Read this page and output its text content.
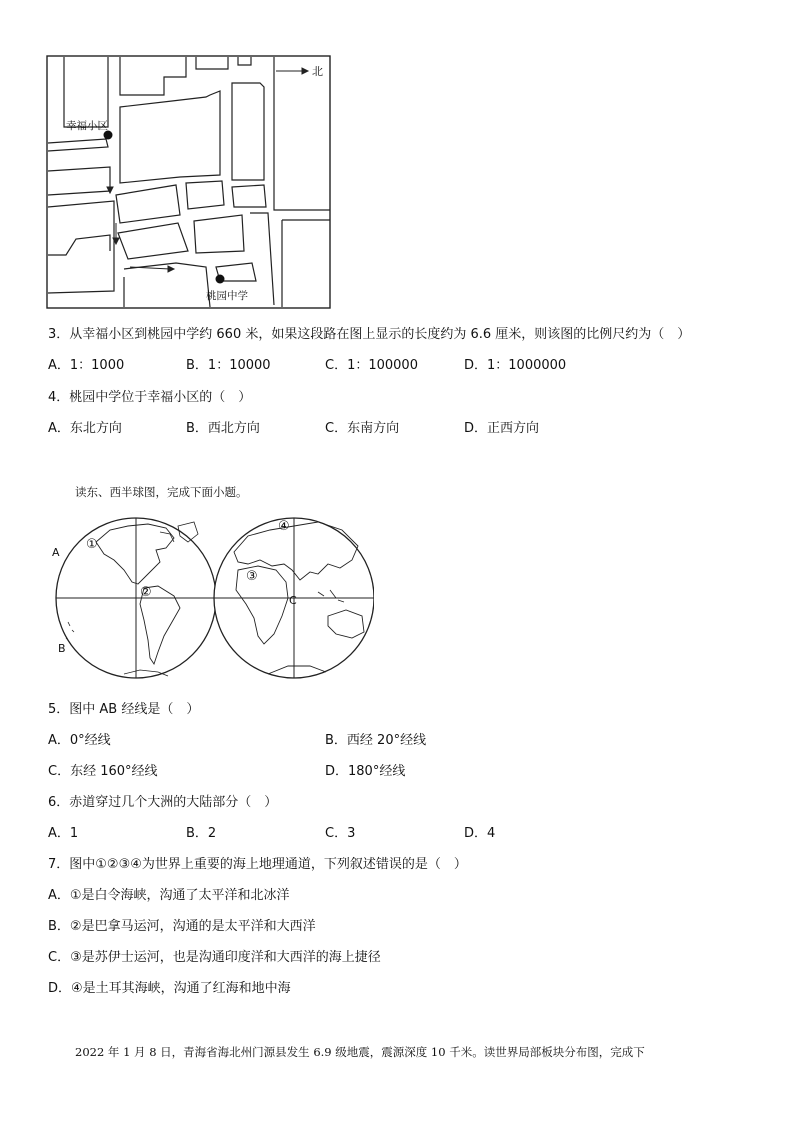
北
幸福小区
桃园中学
3．从幸福小区到桃园中学约 660 米，如果这段路在图上显示的长度约为 6.6 厘米，则该图的比例尺约为（　）
A．1：1000	B．1：10000	C．1：100000	D．1：1000000
4．桃园中学位于幸福小区的（　）
A．东北方向	B．西北方向	C．东南方向	D．正西方向
读东、西半球图，完成下面小题。
A
B
C
①
②
③
④
5．图中 AB 经线是（　）
A．0°经线	B．西经 20°经线
C．东经 160°经线	D．180°经线
6．赤道穿过几个大洲的大陆部分（　）
A．1	B．2	C．3	D．4
7．图中①②③④为世界上重要的海上地理通道，下列叙述错误的是（　）
A．①是白令海峡，沟通了太平洋和北冰洋
B．②是巴拿马运河，沟通的是太平洋和大西洋
C．③是苏伊士运河，也是沟通印度洋和大西洋的海上捷径
D．④是土耳其海峡，沟通了红海和地中海
2022 年 1 月 8 日，青海省海北州门源县发生 6.9 级地震，震源深度 10 千米。读世界局部板块分布图，完成下
